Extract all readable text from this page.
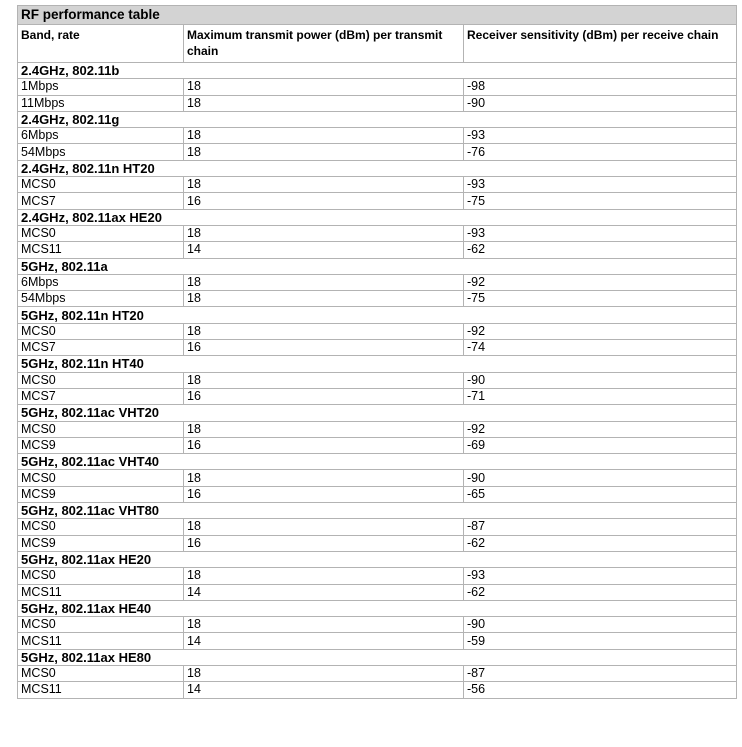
RF performance table		
Band, rate	Maximum transmit power (dBm) per transmit chain	Receiver sensitivity (dBm) per receive chain
2.4GHz, 802.11b		
1Mbps	18	-98
11Mbps	18	-90
2.4GHz, 802.11g		
6Mbps	18	-93
54Mbps	18	-76
2.4GHz, 802.11n HT20		
MCS0	18	-93
MCS7	16	-75
2.4GHz, 802.11ax HE20		
MCS0	18	-93
MCS11	14	-62
5GHz, 802.11a		
6Mbps	18	-92
54Mbps	18	-75
5GHz, 802.11n HT20		
MCS0	18	-92
MCS7	16	-74
5GHz, 802.11n HT40		
MCS0	18	-90
MCS7	16	-71
5GHz, 802.11ac VHT20		
MCS0	18	-92
MCS9	16	-69
5GHz, 802.11ac VHT40		
MCS0	18	-90
MCS9	16	-65
5GHz, 802.11ac VHT80		
MCS0	18	-87
MCS9	16	-62
5GHz, 802.11ax HE20		
MCS0	18	-93
MCS11	14	-62
5GHz, 802.11ax HE40		
MCS0	18	-90
MCS11	14	-59
5GHz, 802.11ax HE80		
MCS0	18	-87
MCS11	14	-56
